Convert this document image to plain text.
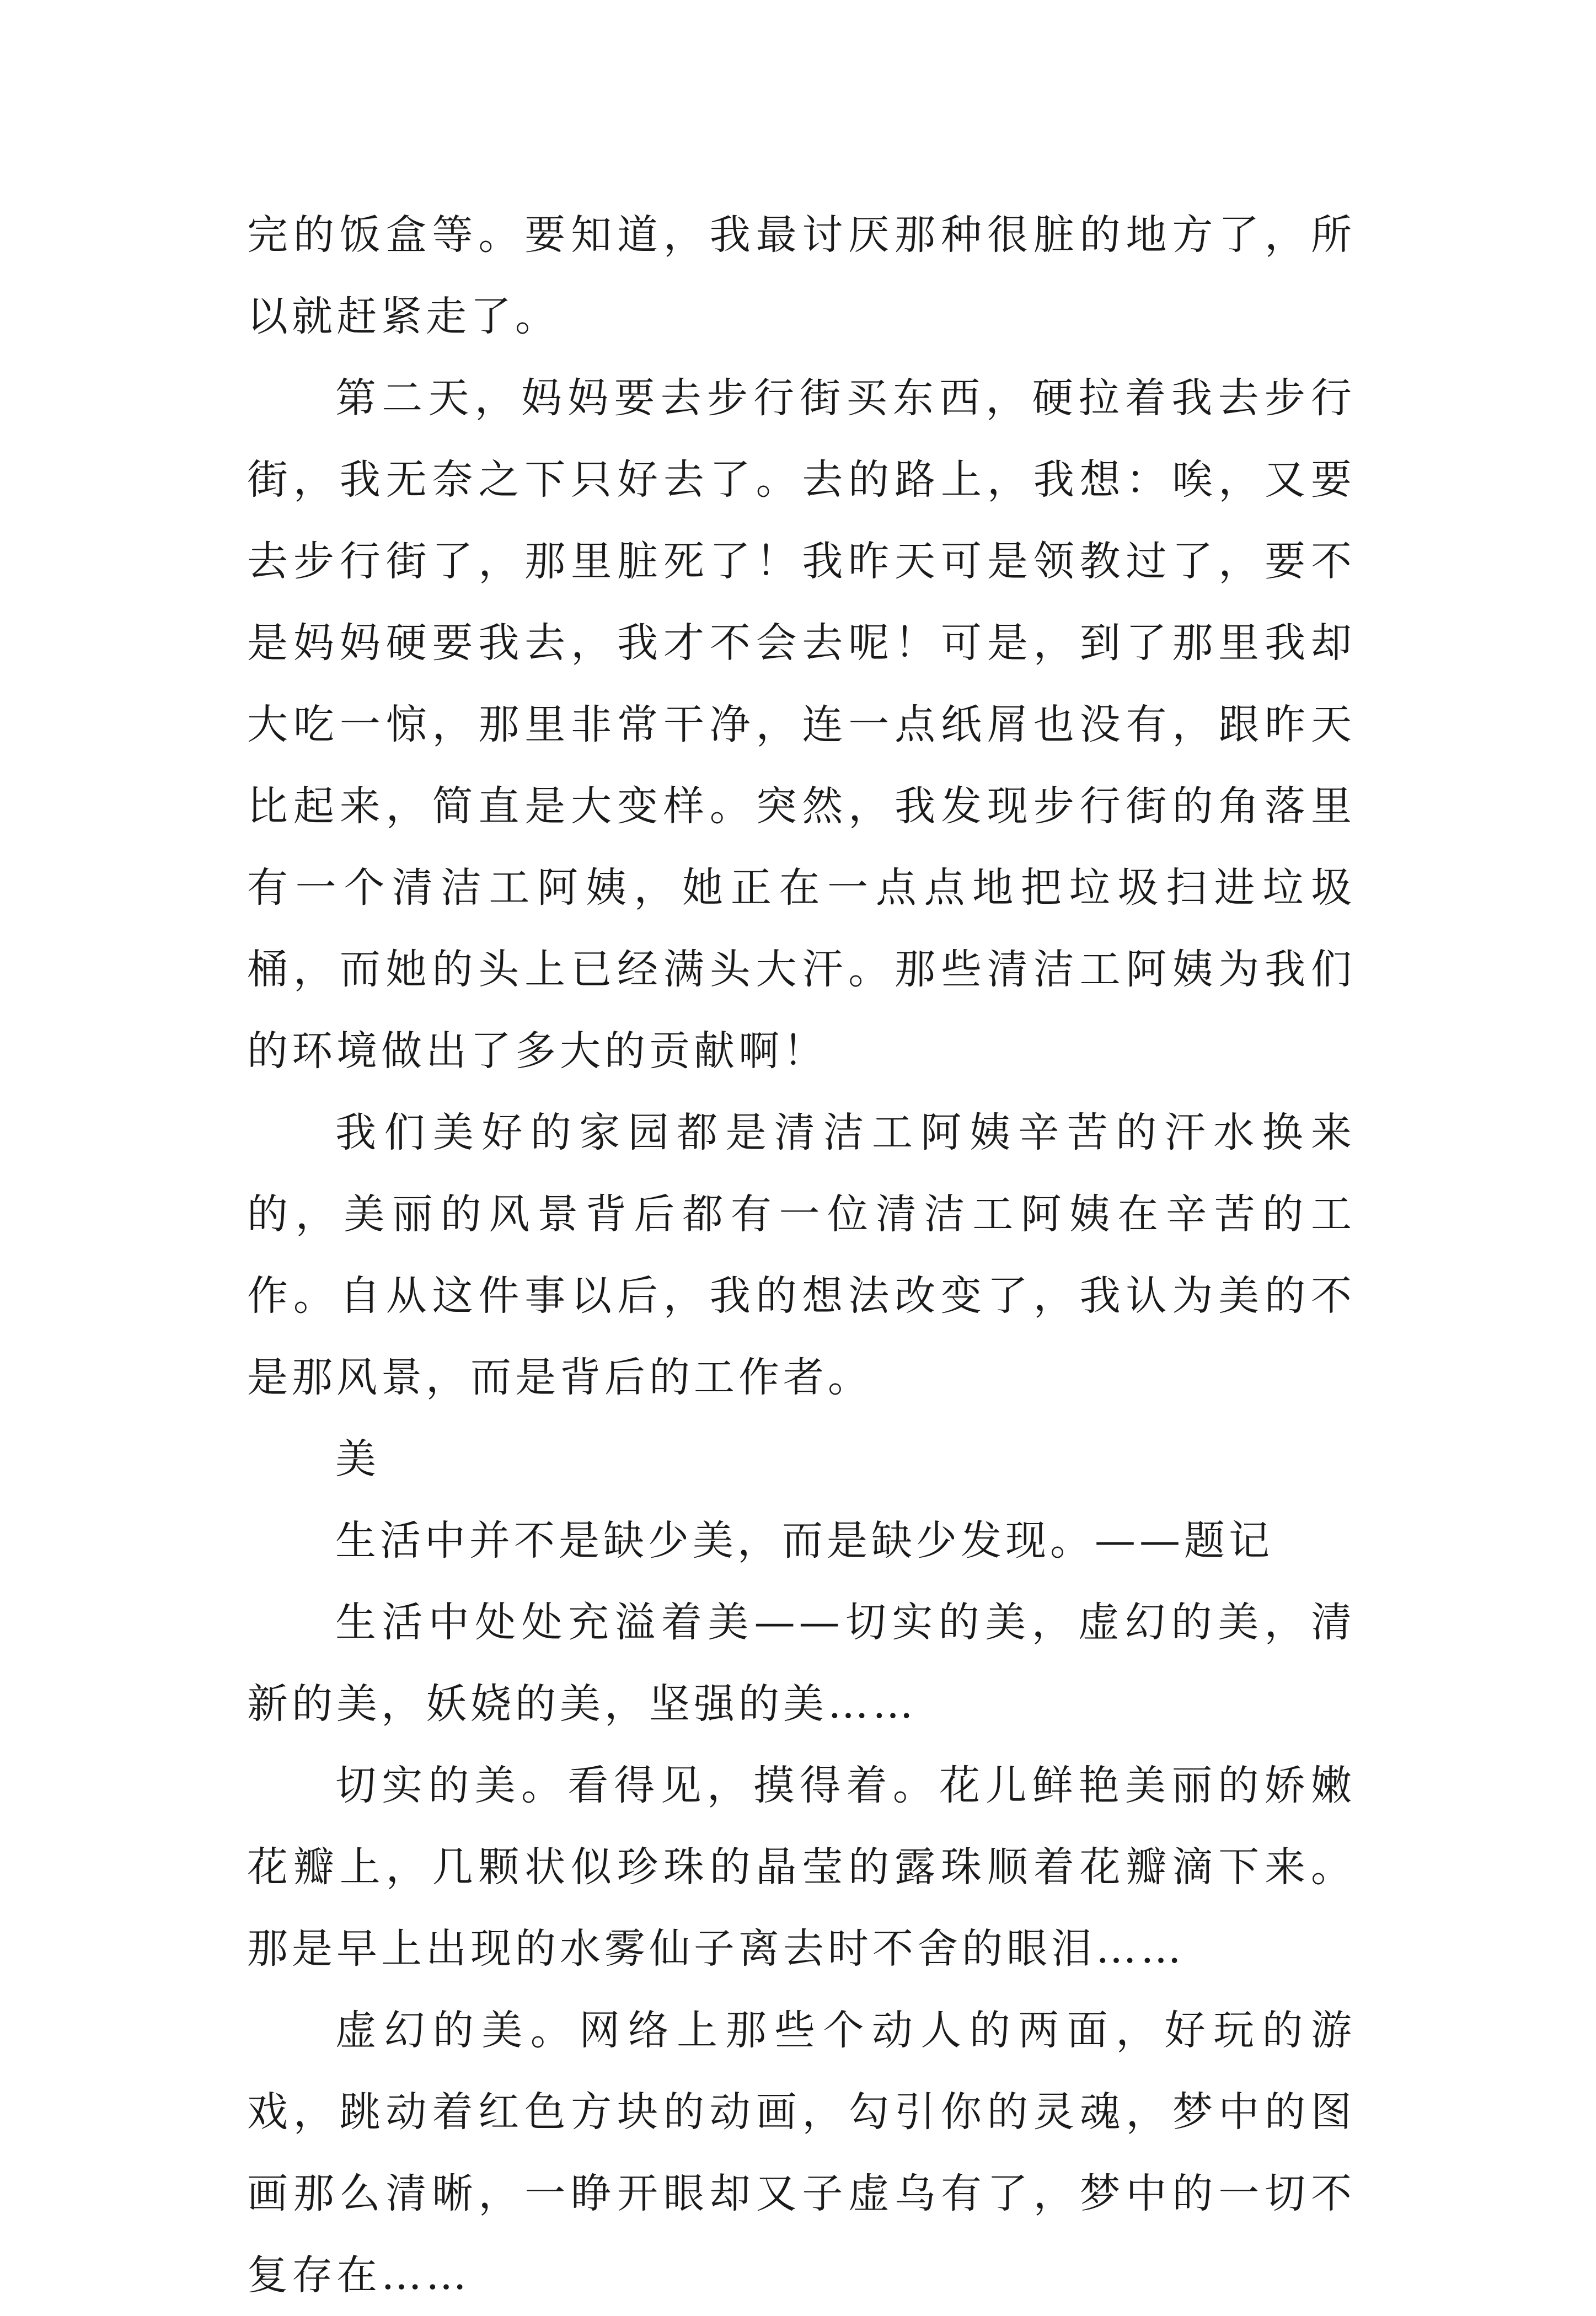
完的饭盒等。要知道，我最讨厌那种很脏的地方了，所以就赶紧走了。

第二天，妈妈要去步行街买东西，硬拉着我去步行街，我无奈之下只好去了。去的路上，我想：唉，又要去步行街了，那里脏死了！我昨天可是领教过了，要不是妈妈硬要我去，我才不会去呢！可是，到了那里我却大吃一惊，那里非常干净，连一点纸屑也没有，跟昨天比起来，简直是大变样。突然，我发现步行街的角落里有一个清洁工阿姨，她正在一点点地把垃圾扫进垃圾桶，而她的头上已经满头大汗。那些清洁工阿姨为我们的环境做出了多大的贡献啊！

我们美好的家园都是清洁工阿姨辛苦的汗水换来的，美丽的风景背后都有一位清洁工阿姨在辛苦的工作。自从这件事以后，我的想法改变了，我认为美的不是那风景，而是背后的工作者。

美

生活中并不是缺少美，而是缺少发现。——题记

生活中处处充溢着美——切实的美，虚幻的美，清新的美，妖娆的美，坚强的美……

切实的美。看得见，摸得着。花儿鲜艳美丽的娇嫩花瓣上，几颗状似珍珠的晶莹的露珠顺着花瓣滴下来。那是早上出现的水雾仙子离去时不舍的眼泪……

虚幻的美。网络上那些个动人的两面，好玩的游戏，跳动着红色方块的动画，勾引你的灵魂，梦中的图画那么清晰，一睁开眼却又子虚乌有了，梦中的一切不复存在……
